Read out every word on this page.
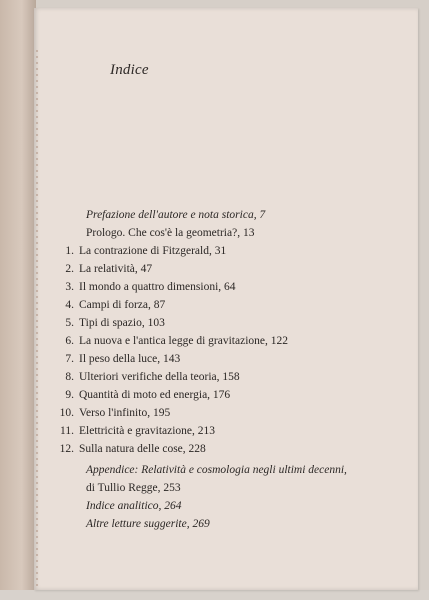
Indice
Prefazione dell'autore e nota storica, 7
Prologo. Che cos'è la geometria?, 13
1. La contrazione di Fitzgerald, 31
2. La relatività, 47
3. Il mondo a quattro dimensioni, 64
4. Campi di forza, 87
5. Tipi di spazio, 103
6. La nuova e l'antica legge di gravitazione, 122
7. Il peso della luce, 143
8. Ulteriori verifiche della teoria, 158
9. Quantità di moto ed energia, 176
10. Verso l'infinito, 195
11. Elettricità e gravitazione, 213
12. Sulla natura delle cose, 228
Appendice: Relatività e cosmologia negli ultimi decenni,
di Tullio Regge, 253
Indice analitico, 264
Altre letture suggerite, 269
